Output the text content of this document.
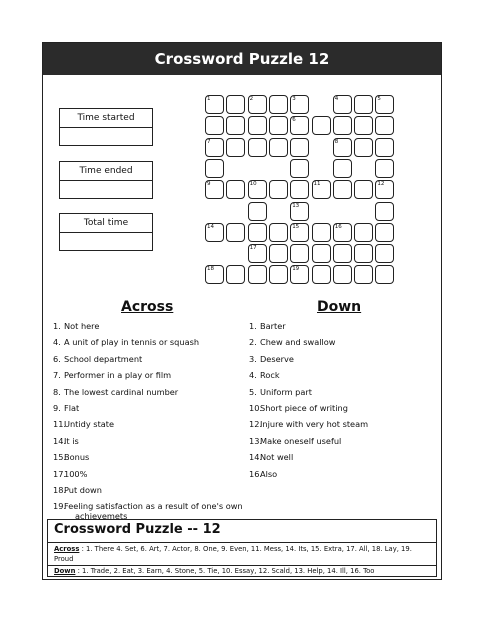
Crossword Puzzle 12
Time started
Time ended
Total time
1	2	3	4	5
6
7	8
9	10	11	12
13
14	15	16
17
18	19
Across	Down
1. Not here
4. A unit of play in tennis or squash
6. School department
7. Performer in a play or film
8. The lowest cardinal number
9. Flat
11.
Untidy state
14.
It is
15.
Bonus
17.
100%
18.
Put down
19.
Feeling satisfaction as a result of one's own
achievemets
1. Barter
2. Chew and swallow
3. Deserve
4. Rock
5. Uniform part
10.
Short piece of writing
12.
Injure with very hot steam
13.
Make oneself useful
14.
Not well
16.
Also
Crossword Puzzle -- 12
Across : 1. There 4. Set, 6. Art, 7. Actor, 8. One, 9. Even, 11. Mess, 14. Its, 15. Extra, 17. All, 18. Lay, 19. Proud
Down : 1. Trade, 2. Eat, 3. Earn, 4. Stone, 5. Tie, 10. Essay, 12. Scald, 13. Help, 14. Ill, 16. Too
